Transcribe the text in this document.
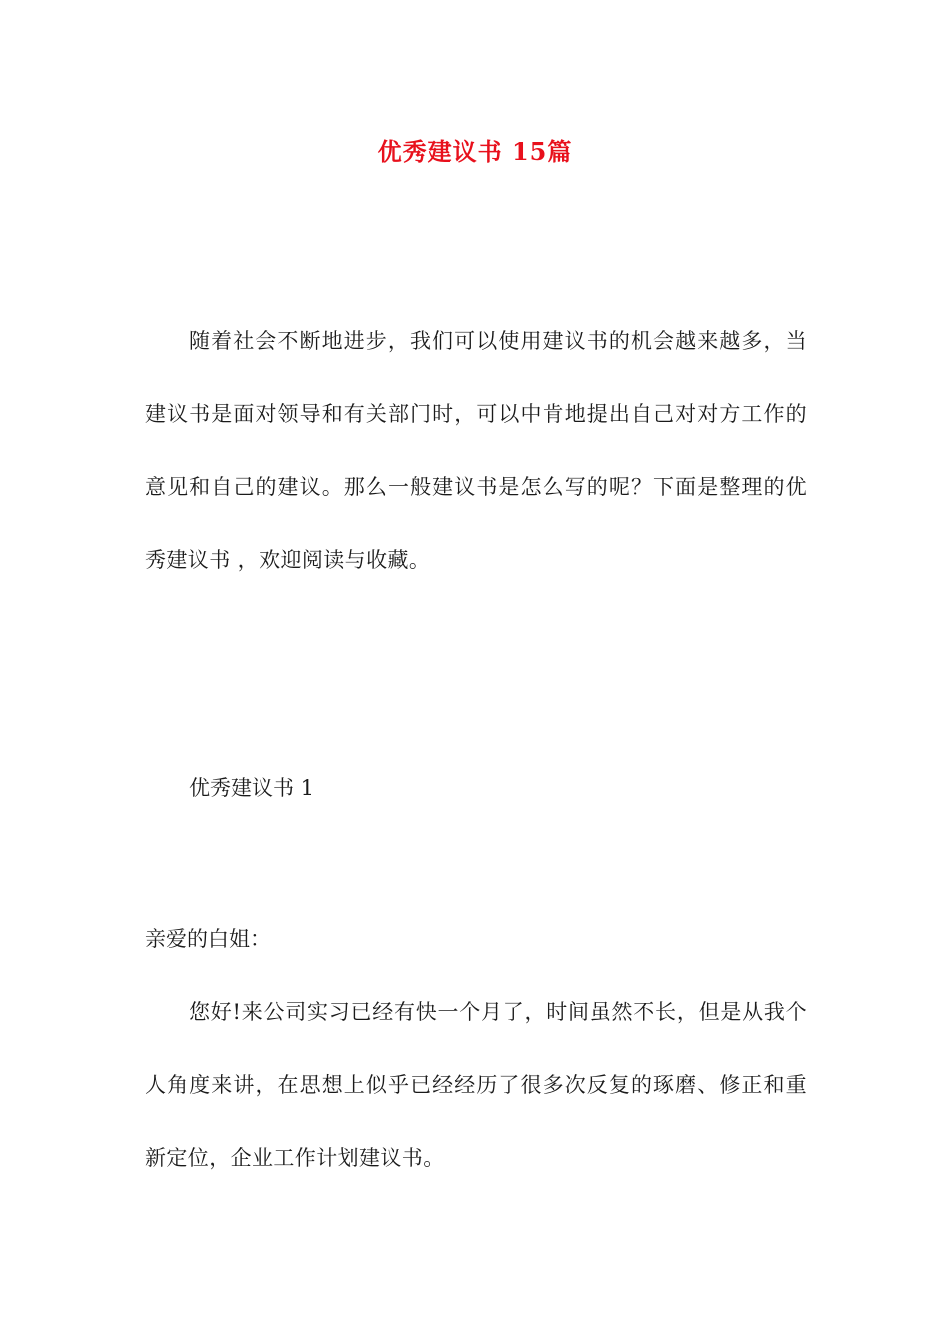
优秀建议书 15篇
随着社会不断地进步，我们可以使用建议书的机会越来越多，当建议书是面对领导和有关部门时，可以中肯地提出自己对对方工作的意见和自己的建议。那么一般建议书是怎么写的呢？下面是整理的优秀建议书 ，欢迎阅读与收藏。
优秀建议书 1
亲爱的白姐：
您好!来公司实习已经有快一个月了，时间虽然不长，但是从我个人角度来讲，在思想上似乎已经经历了很多次反复的琢磨、修正和重新定位，企业工作计划建议书。
